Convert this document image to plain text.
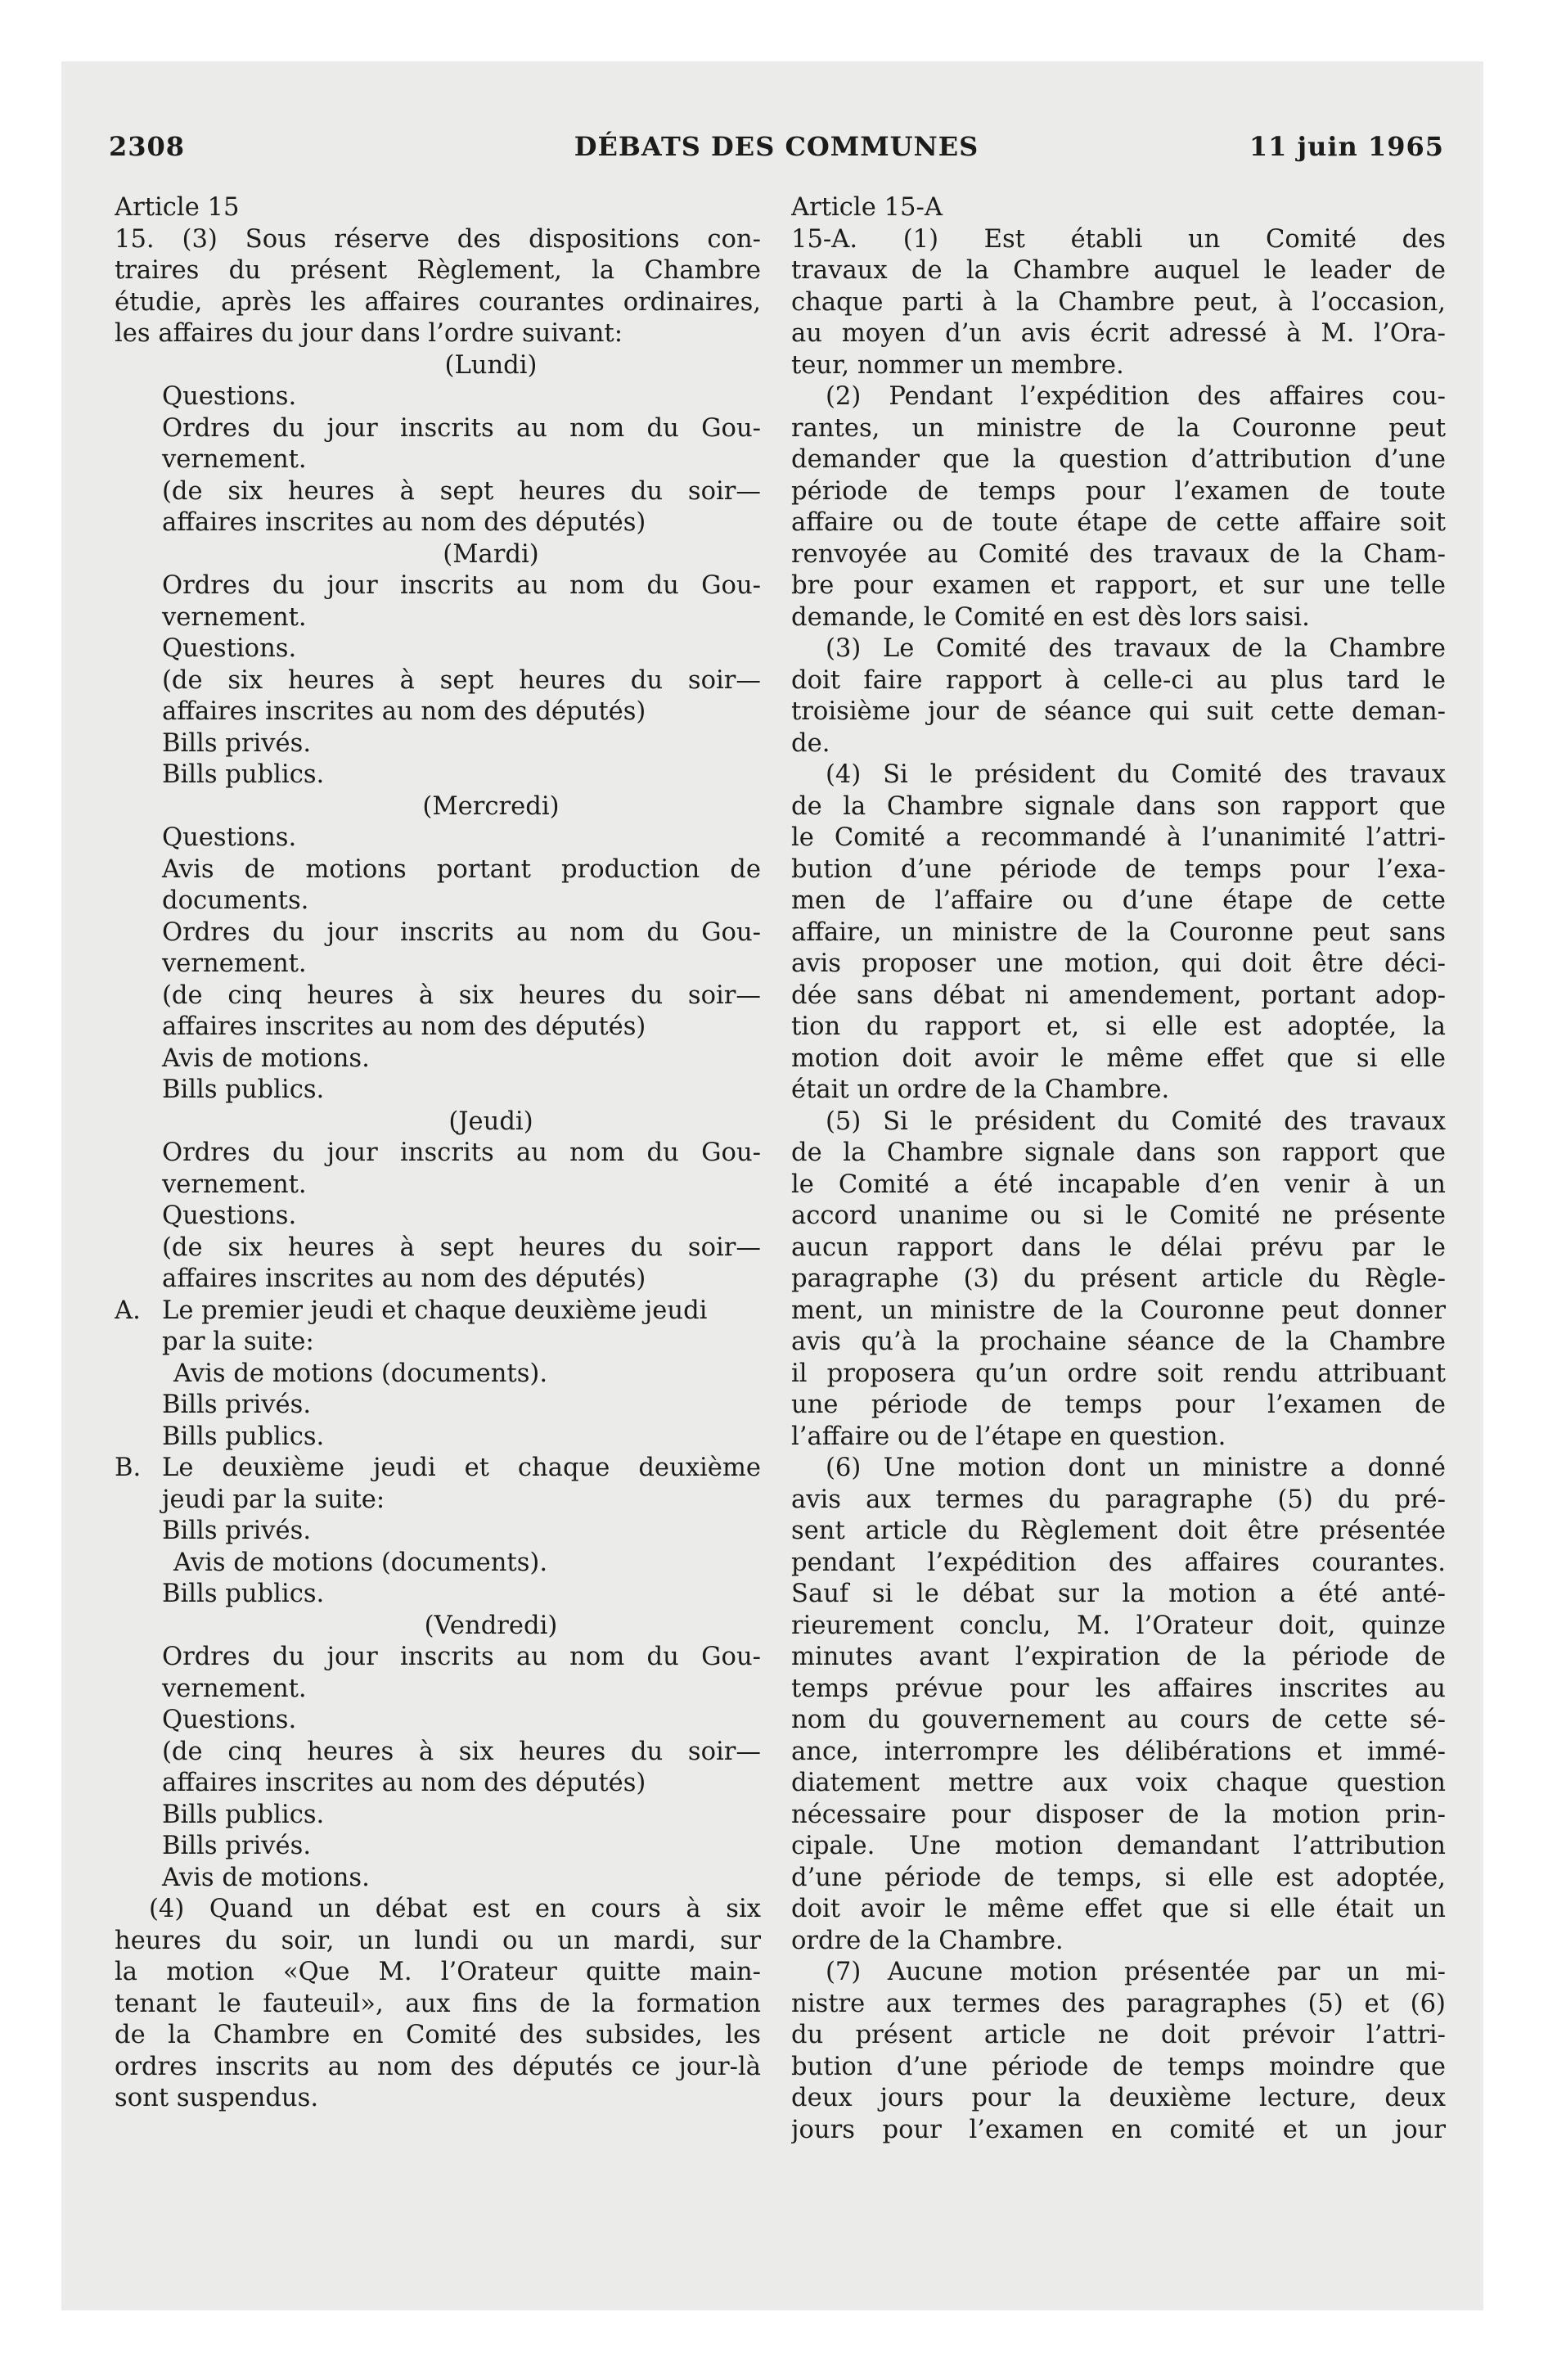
2308	DÉBATS DES COMMUNES	11 juin 1965
Article 15
15. (3) Sous réserve des dispositions con-
traires du présent Règlement, la Chambre
étudie, après les affaires courantes ordinaires,
les affaires du jour dans l’ordre suivant:
(Lundi)
Questions.
Ordres du jour inscrits au nom du Gou-
vernement.
(de six heures à sept heures du soir—
affaires inscrites au nom des députés)
(Mardi)
Ordres du jour inscrits au nom du Gou-
vernement.
Questions.
(de six heures à sept heures du soir—
affaires inscrites au nom des députés)
Bills privés.
Bills publics.
(Mercredi)
Questions.
Avis de motions portant production de
documents.
Ordres du jour inscrits au nom du Gou-
vernement.
(de cinq heures à six heures du soir—
affaires inscrites au nom des députés)
Avis de motions.
Bills publics.
(Jeudi)
Ordres du jour inscrits au nom du Gou-
vernement.
Questions.
(de six heures à sept heures du soir—
affaires inscrites au nom des députés)
A. Le premier jeudi et chaque deuxième jeudi
par la suite:
Avis de motions (documents).
Bills privés.
Bills publics.
B. Le deuxième jeudi et chaque deuxième
jeudi par la suite:
Bills privés.
Avis de motions (documents).
Bills publics.
(Vendredi)
Ordres du jour inscrits au nom du Gou-
vernement.
Questions.
(de cinq heures à six heures du soir—
affaires inscrites au nom des députés)
Bills publics.
Bills privés.
Avis de motions.
(4) Quand un débat est en cours à six
heures du soir, un lundi ou un mardi, sur
la motion «Que M. l’Orateur quitte main-
tenant le fauteuil», aux fins de la formation
de la Chambre en Comité des subsides, les
ordres inscrits au nom des députés ce jour-là
sont suspendus.
Article 15-A
15-A. (1) Est établi un Comité des
travaux de la Chambre auquel le leader de
chaque parti à la Chambre peut, à l’occasion,
au moyen d’un avis écrit adressé à M. l’Ora-
teur, nommer un membre.
(2) Pendant l’expédition des affaires cou-
rantes, un ministre de la Couronne peut
demander que la question d’attribution d’une
période de temps pour l’examen de toute
affaire ou de toute étape de cette affaire soit
renvoyée au Comité des travaux de la Cham-
bre pour examen et rapport, et sur une telle
demande, le Comité en est dès lors saisi.
(3) Le Comité des travaux de la Chambre
doit faire rapport à celle-ci au plus tard le
troisième jour de séance qui suit cette deman-
de.
(4) Si le président du Comité des travaux
de la Chambre signale dans son rapport que
le Comité a recommandé à l’unanimité l’attri-
bution d’une période de temps pour l’exa-
men de l’affaire ou d’une étape de cette
affaire, un ministre de la Couronne peut sans
avis proposer une motion, qui doit être déci-
dée sans débat ni amendement, portant adop-
tion du rapport et, si elle est adoptée, la
motion doit avoir le même effet que si elle
était un ordre de la Chambre.
(5) Si le président du Comité des travaux
de la Chambre signale dans son rapport que
le Comité a été incapable d’en venir à un
accord unanime ou si le Comité ne présente
aucun rapport dans le délai prévu par le
paragraphe (3) du présent article du Règle-
ment, un ministre de la Couronne peut donner
avis qu’à la prochaine séance de la Chambre
il proposera qu’un ordre soit rendu attribuant
une période de temps pour l’examen de
l’affaire ou de l’étape en question.
(6) Une motion dont un ministre a donné
avis aux termes du paragraphe (5) du pré-
sent article du Règlement doit être présentée
pendant l’expédition des affaires courantes.
Sauf si le débat sur la motion a été anté-
rieurement conclu, M. l’Orateur doit, quinze
minutes avant l’expiration de la période de
temps prévue pour les affaires inscrites au
nom du gouvernement au cours de cette sé-
ance, interrompre les délibérations et immé-
diatement mettre aux voix chaque question
nécessaire pour disposer de la motion prin-
cipale. Une motion demandant l’attribution
d’une période de temps, si elle est adoptée,
doit avoir le même effet que si elle était un
ordre de la Chambre.
(7) Aucune motion présentée par un mi-
nistre aux termes des paragraphes (5) et (6)
du présent article ne doit prévoir l’attri-
bution d’une période de temps moindre que
deux jours pour la deuxième lecture, deux
jours pour l’examen en comité et un jour
